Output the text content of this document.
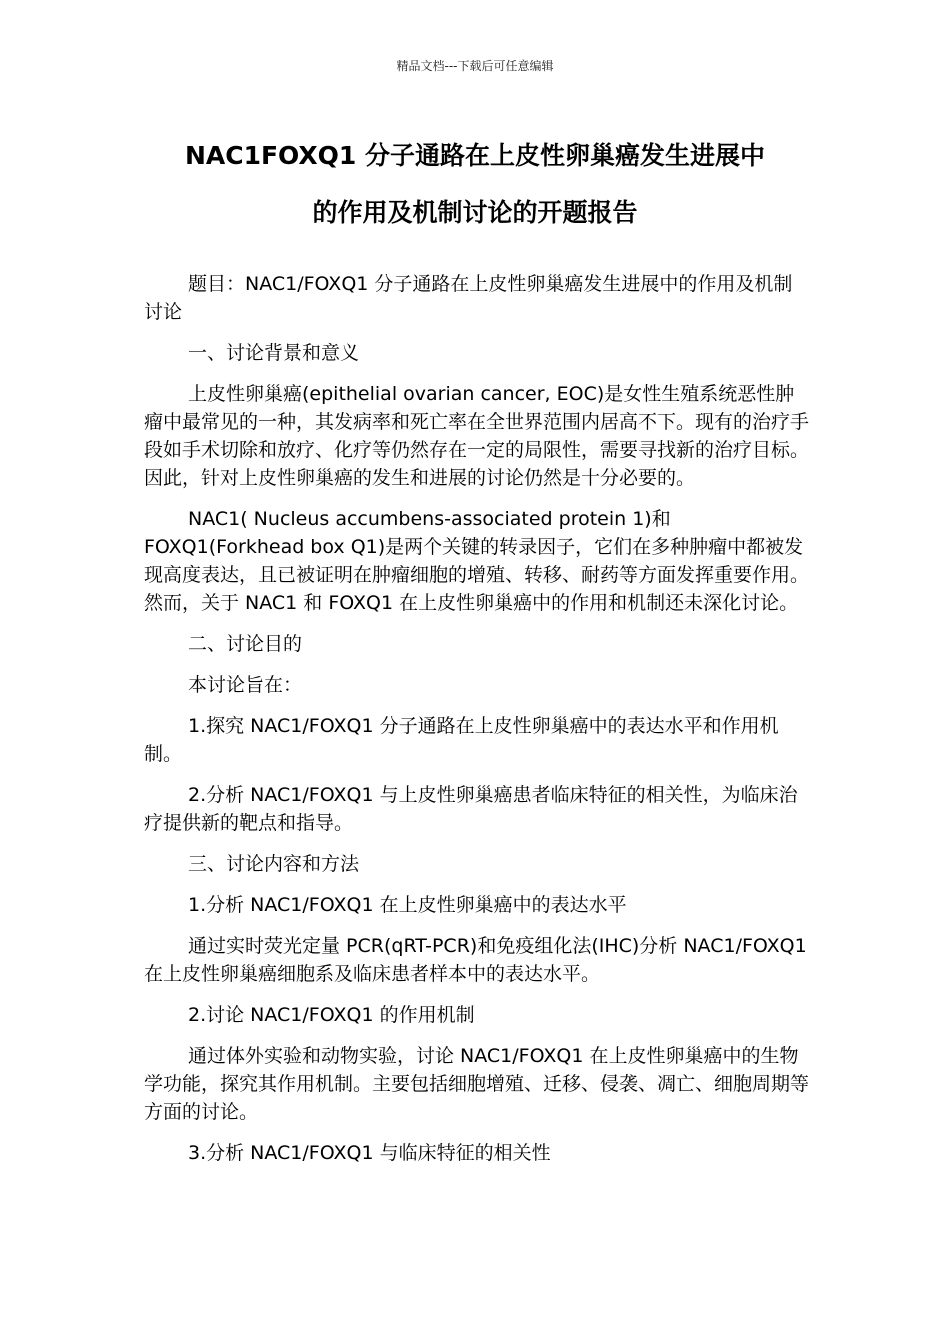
精品文档---下载后可任意编辑
NAC1FOXQ1 分子通路在上皮性卵巢癌发生进展中
的作用及机制讨论的开题报告

题目：NAC1/FOXQ1 分子通路在上皮性卵巢癌发生进展中的作用及机制讨论

一、讨论背景和意义

上皮性卵巢癌(epithelial ovarian cancer, EOC)是女性生殖系统恶性肿瘤中最常见的一种，其发病率和死亡率在全世界范围内居高不下。现有的治疗手段如手术切除和放疗、化疗等仍然存在一定的局限性，需要寻找新的治疗目标。因此，针对上皮性卵巢癌的发生和进展的讨论仍然是十分必要的。

NAC1( Nucleus accumbens-associated protein 1)和 FOXQ1(Forkhead box Q1)是两个关键的转录因子，它们在多种肿瘤中都被发现高度表达，且已被证明在肿瘤细胞的增殖、转移、耐药等方面发挥重要作用。然而，关于 NAC1 和 FOXQ1 在上皮性卵巢癌中的作用和机制还未深化讨论。

二、讨论目的

本讨论旨在：

1.探究 NAC1/FOXQ1 分子通路在上皮性卵巢癌中的表达水平和作用机制。

2.分析 NAC1/FOXQ1 与上皮性卵巢癌患者临床特征的相关性，为临床治疗提供新的靶点和指导。

三、讨论内容和方法

1.分析 NAC1/FOXQ1 在上皮性卵巢癌中的表达水平

通过实时荧光定量 PCR(qRT-PCR)和免疫组化法(IHC)分析 NAC1/FOXQ1 在上皮性卵巢癌细胞系及临床患者样本中的表达水平。

2.讨论 NAC1/FOXQ1 的作用机制

通过体外实验和动物实验，讨论 NAC1/FOXQ1 在上皮性卵巢癌中的生物学功能，探究其作用机制。主要包括细胞增殖、迁移、侵袭、凋亡、细胞周期等方面的讨论。

3.分析 NAC1/FOXQ1 与临床特征的相关性
